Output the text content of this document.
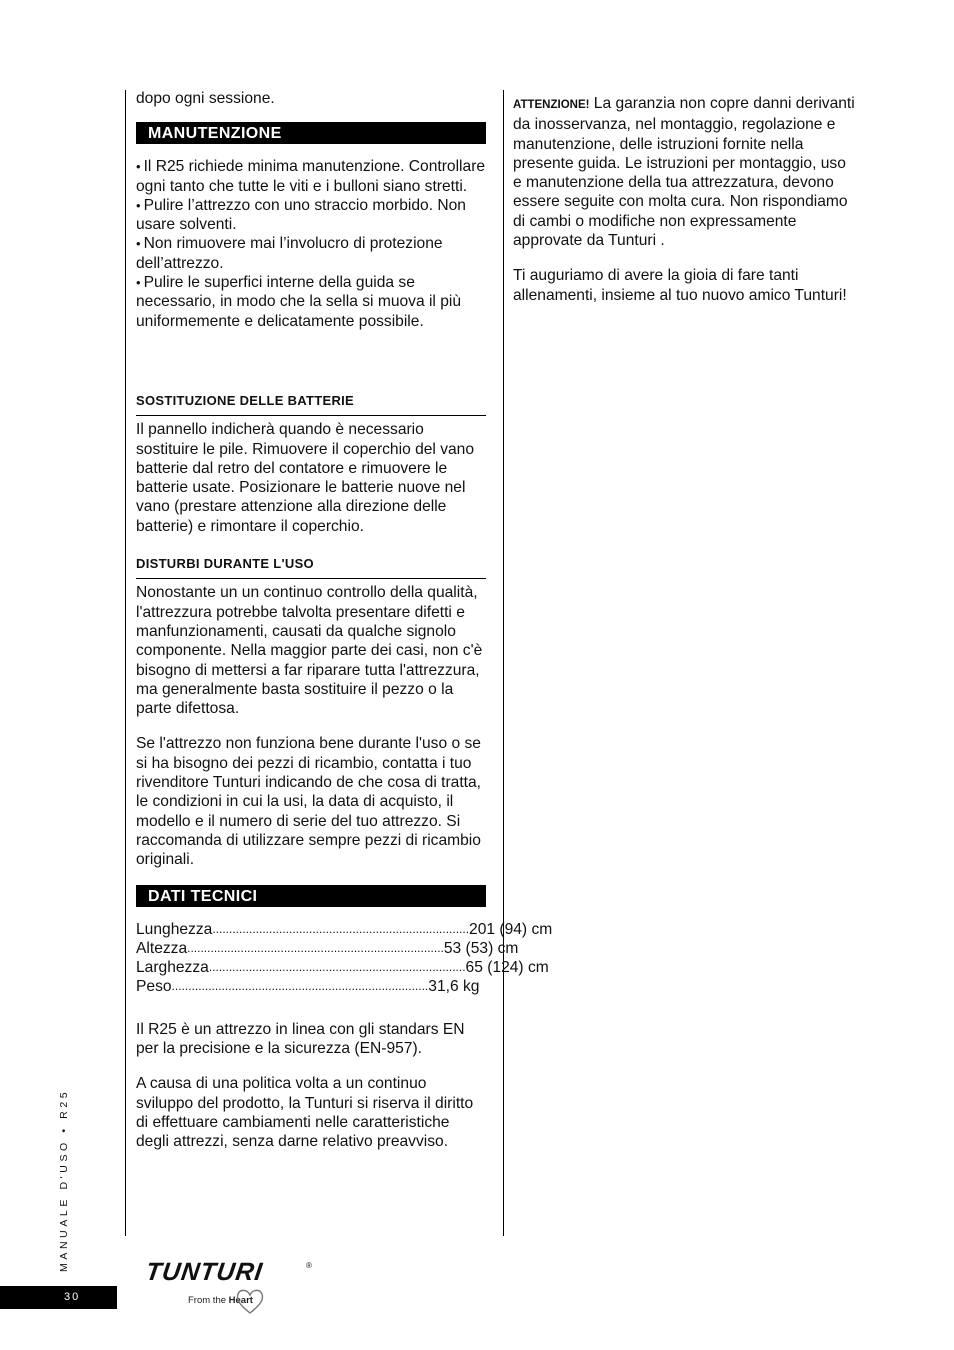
dopo ogni sessione.

MANUTENZIONE

• Il R25 richiede minima manutenzione. Controllare ogni tanto che tutte le viti e i bulloni siano stretti.

• Pulire l’attrezzo con uno straccio morbido. Non usare solventi.

• Non rimuovere mai l’involucro di protezione dell’attrezzo.

• Pulire le superfici interne della guida se necessario, in modo che la sella si muova il più uniformemente e delicatamente possibile.

SOSTITUZIONE DELLE BATTERIE

Il pannello indicherà quando è necessario sostituire le pile. Rimuovere il coperchio del vano batterie dal retro del contatore e rimuovere le batterie usate. Posizionare le batterie nuove nel vano (prestare attenzione alla direzione delle batterie) e rimontare il coperchio.

DISTURBI DURANTE L'USO

Nonostante un un continuo controllo della qualità, l'attrezzura potrebbe talvolta presentare difetti e manfunzionamenti, causati da qualche signolo componente. Nella maggior parte dei casi, non c'è bisogno di mettersi a far riparare tutta l'attrezzura, ma generalmente basta sostituire il pezzo o la parte difettosa.

Se l'attrezzo non funziona bene durante l'uso o se si ha bisogno dei pezzi di ricambio, contatta i tuo rivenditore Tunturi indicando de che cosa di tratta, le condizioni in cui la usi, la data di acquisto, il modello e il numero di serie del tuo attrezzo. Si raccomanda di utilizzare sempre pezzi di ricambio originali.

DATI TECNICI
Lunghezza ............................................................................. 201 (94) cm
Altezza ............................................................................. 53 (53) cm
Larghezza ............................................................................. 65 (124) cm
Peso ............................................................................. 31,6 kg

Il R25 è un attrezzo in linea con gli standars EN per la precisione e la sicurezza (EN-957).

A causa di una politica volta a un continuo sviluppo del prodotto, la Tunturi si riserva il diritto di effettuare cambiamenti nelle caratteristiche degli attrezzi, senza darne relativo preavviso.

ATTENZIONE! La garanzia non copre danni derivanti da inosservanza, nel montaggio, regolazione e manutenzione, delle istruzioni fornite nella presente guida. Le istruzioni per montaggio, uso e manutenzione della tua attrezzatura, devono essere seguite con molta cura. Non rispondiamo di cambi o modifiche non expressamente approvate da Tunturi .

Ti auguriamo di avere la gioia di fare tanti allenamenti, insieme al tuo nuovo amico Tunturi!

MANUALE D'USO • R25
30
TUNTURI	®
From the Heart
